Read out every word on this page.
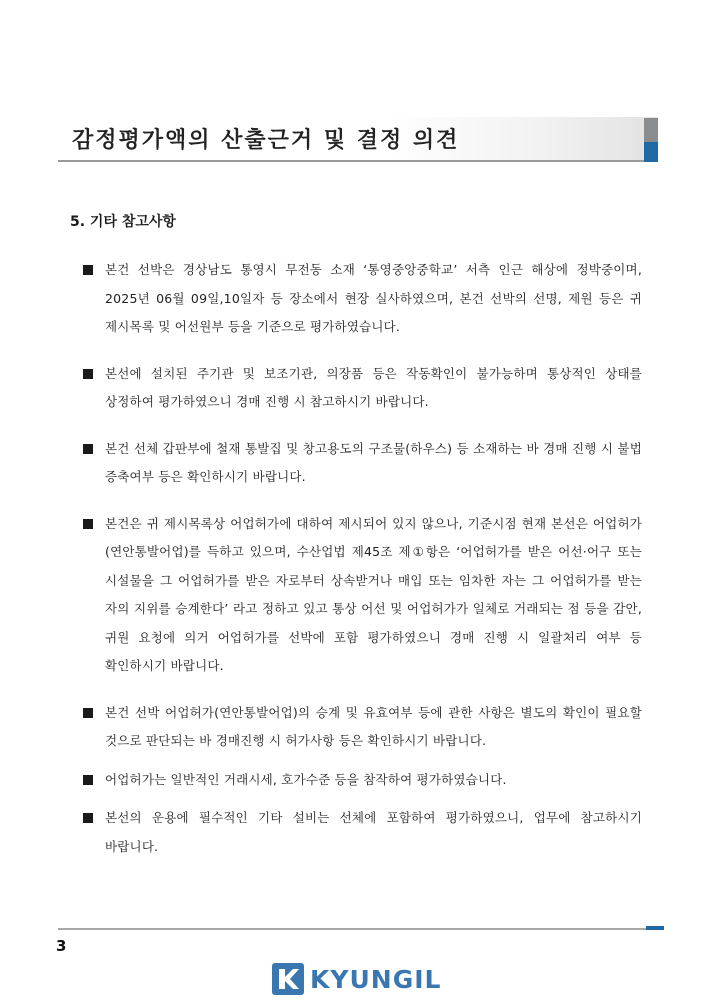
감정평가액의 산출근거 및 결정 의견
5. 기타 참고사항
본건 선박은 경상남도 통영시 무전동 소재 ‘통영중앙중학교’ 서측 인근 해상에 정박중이며, 2025년 06월 09일,10일자 등 장소에서 현장 실사하였으며, 본건 선박의 선명, 제원 등은 귀 제시목록 및 어선원부 등을 기준으로 평가하였습니다.
본선에 설치된 주기관 및 보조기관, 의장품 등은 작동확인이 불가능하며 통상적인 상태를 상정하여 평가하였으니 경매 진행 시 참고하시기 바랍니다.
본건 선체 갑판부에 철재 통발집 및 창고용도의 구조물(하우스) 등 소재하는 바 경매 진행 시 불법 증축여부 등은 확인하시기 바랍니다.
본건은 귀 제시목록상 어업허가에 대하여 제시되어 있지 않으나, 기준시점 현재 본선은 어업허가(연안통발어업)를 득하고 있으며, 수산업법 제45조 제①항은 ‘어업허가를 받은 어선·어구 또는 시설물을 그 어업허가를 받은 자로부터 상속받거나 매입 또는 임차한 자는 그 어업허가를 받는 자의 지위를 승계한다’ 라고 정하고 있고 통상 어선 및 어업허가가 일체로 거래되는 점 등을 감안, 귀원 요청에 의거 어업허가를 선박에 포함 평가하였으니 경매 진행 시 일괄처리 여부 등 확인하시기 바랍니다.
본건 선박 어업허가(연안통발어업)의 승계 및 유효여부 등에 관한 사항은 별도의 확인이 필요할 것으로 판단되는 바 경매진행 시 허가사항 등은 확인하시기 바랍니다.
어업허가는 일반적인 거래시세, 호가수준 등을 참작하여 평가하였습니다.
본선의 운용에 필수적인 기타 설비는 선체에 포함하여 평가하였으니, 업무에 참고하시기 바랍니다.
3
KYUNGIL
